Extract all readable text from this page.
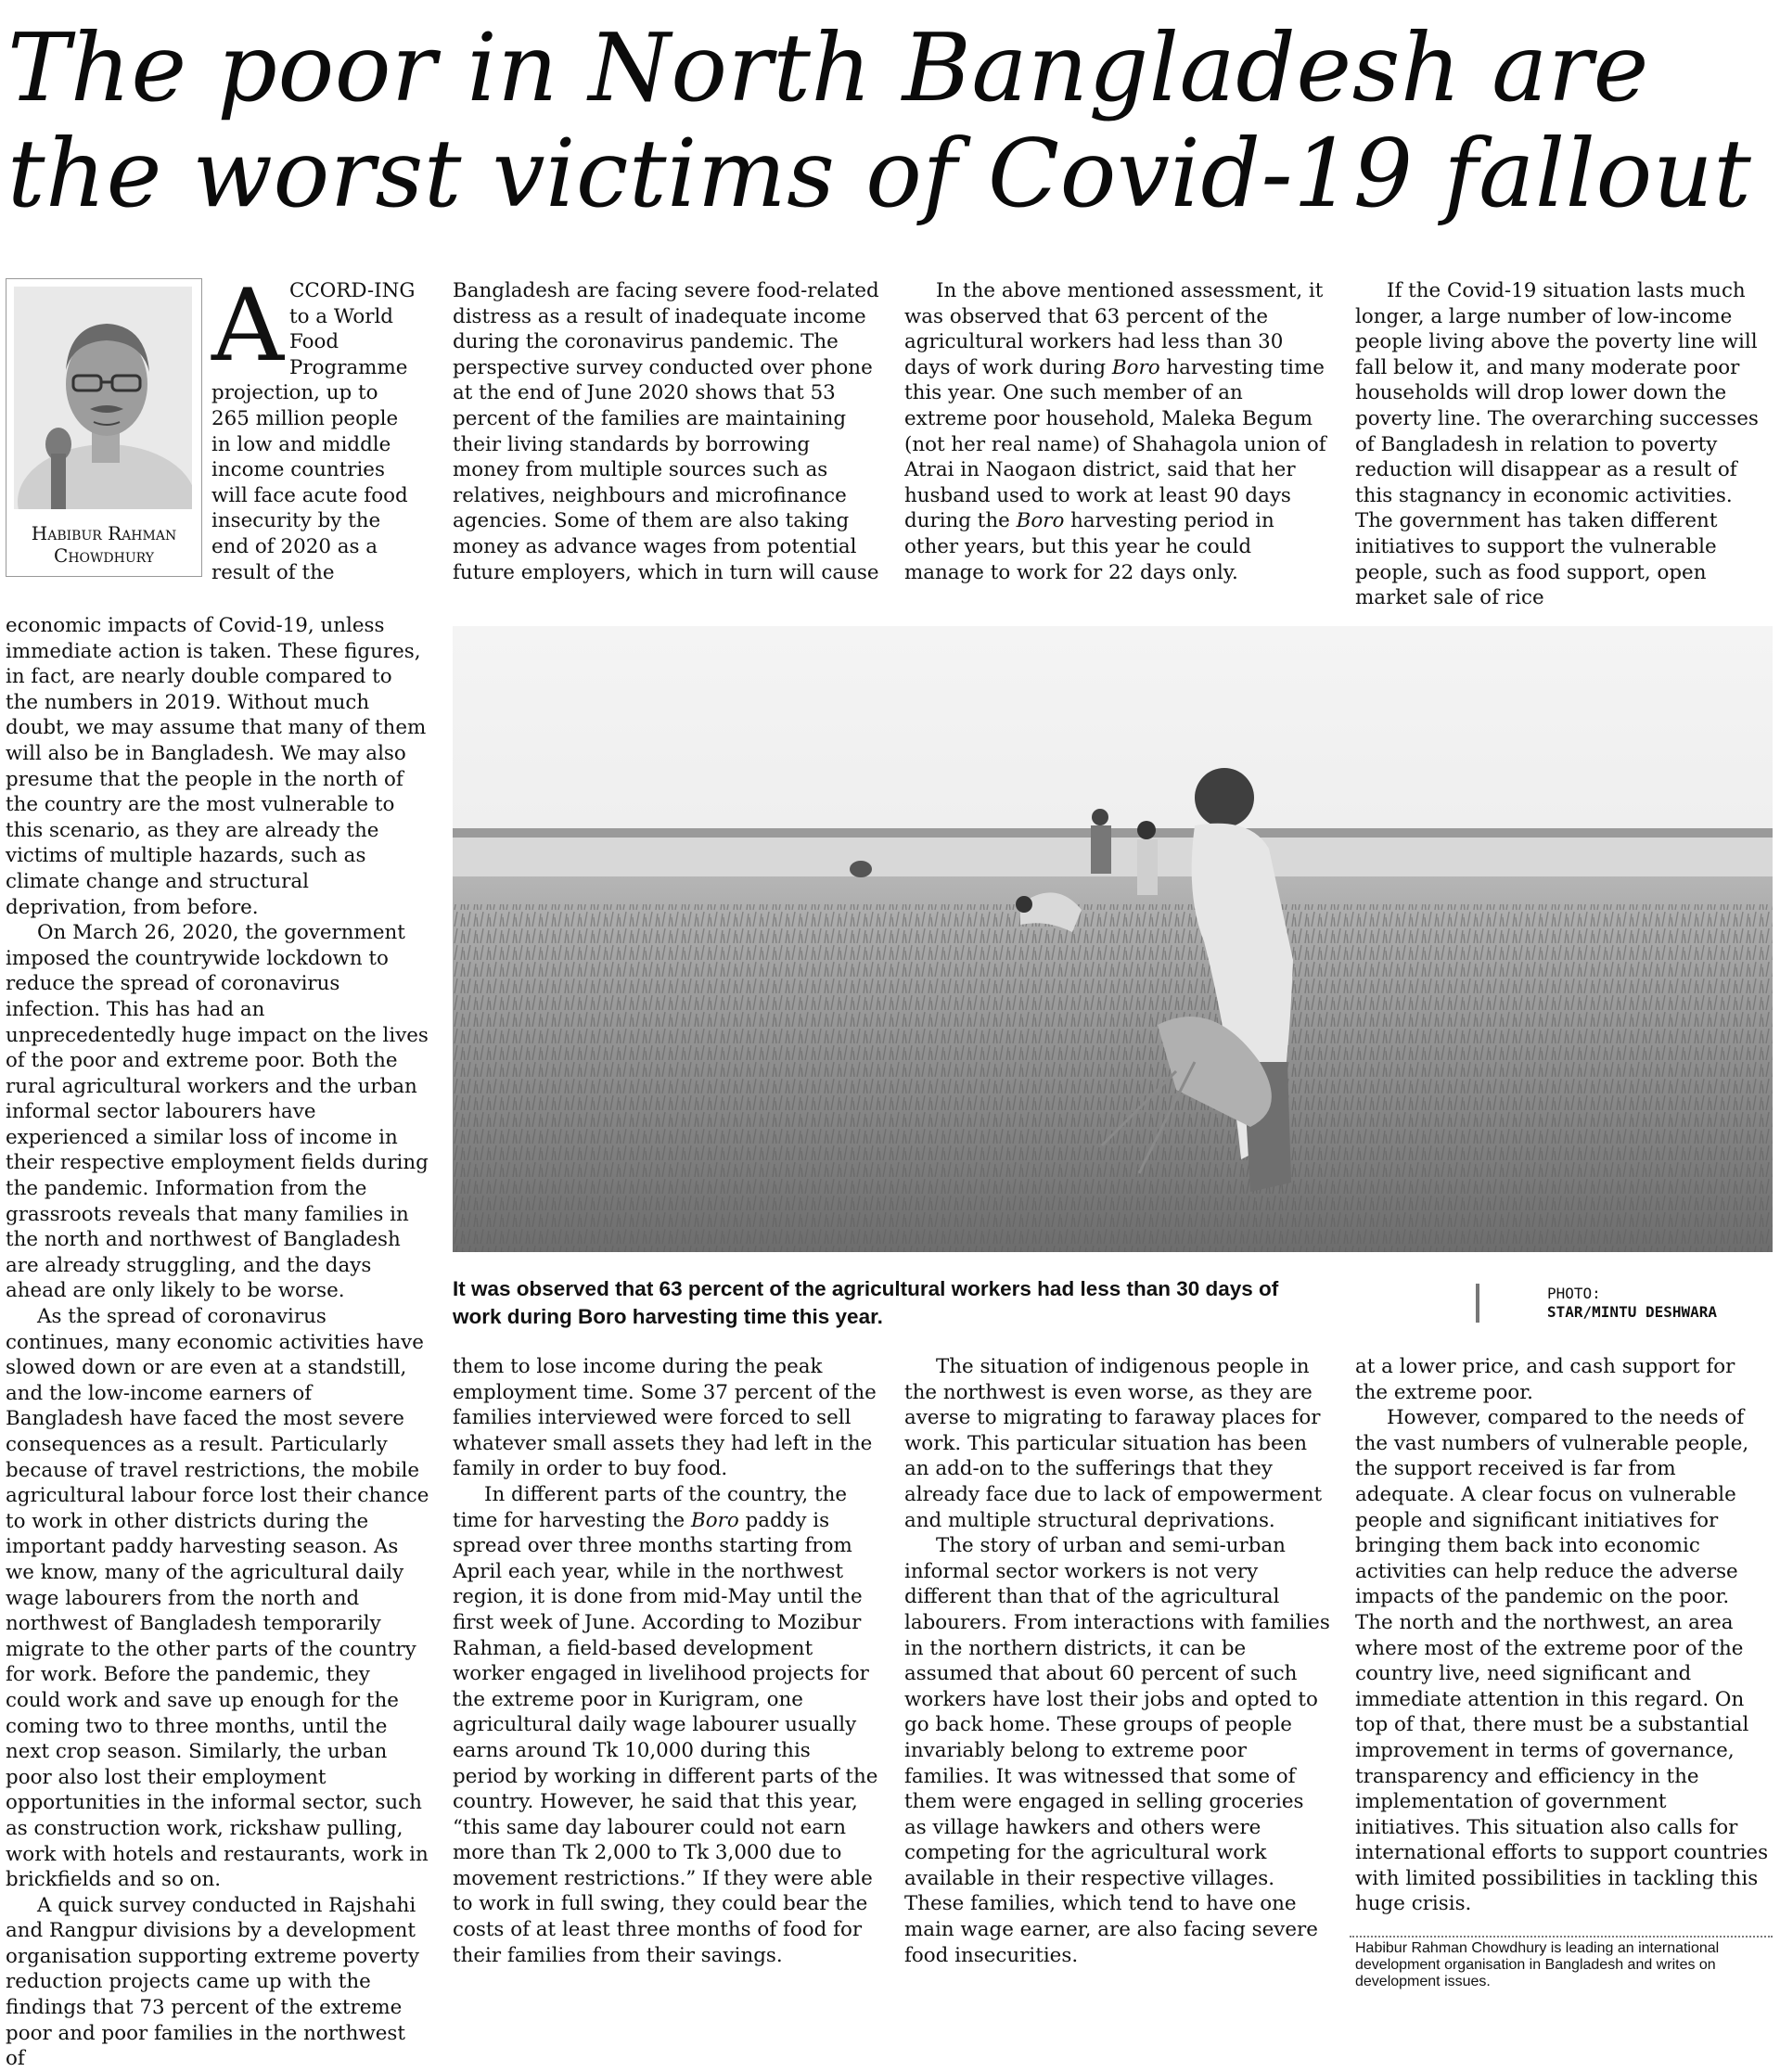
The poor in North Bangladesh are the worst victims of Covid-19 fallout
Habibur Rahman Chowdhury

ACCORD-ING to a World Food Programme projection, up to 265 million people in low and middle income countries will face acute food insecurity by the end of 2020 as a result of the

economic impacts of Covid-19, unless immediate action is taken. These figures, in fact, are nearly double compared to the numbers in 2019. Without much doubt, we may assume that many of them will also be in Bangladesh. We may also presume that the people in the north of the country are the most vulnerable to this scenario, as they are already the victims of multiple hazards, such as climate change and structural deprivation, from before.

On March 26, 2020, the government imposed the countrywide lockdown to reduce the spread of coronavirus infection. This has had an unprecedentedly huge impact on the lives of the poor and extreme poor. Both the rural agricultural workers and the urban informal sector labourers have experienced a similar loss of income in their respective employment fields during the pandemic. Information from the grassroots reveals that many families in the north and northwest of Bangladesh are already struggling, and the days ahead are only likely to be worse.

As the spread of coronavirus continues, many economic activities have slowed down or are even at a standstill, and the low-income earners of Bangladesh have faced the most severe consequences as a result. Particularly because of travel restrictions, the mobile agricultural labour force lost their chance to work in other districts during the important paddy harvesting season. As we know, many of the agricultural daily wage labourers from the north and northwest of Bangladesh temporarily migrate to the other parts of the country for work. Before the pandemic, they could work and save up enough for the coming two to three months, until the next crop season. Similarly, the urban poor also lost their employment opportunities in the informal sector, such as construction work, rickshaw pulling, work with hotels and restaurants, work in brickfields and so on.

A quick survey conducted in Rajshahi and Rangpur divisions by a development organisation supporting extreme poverty reduction projects came up with the findings that 73 percent of the extreme poor and poor families in the northwest of

Bangladesh are facing severe food-related distress as a result of inadequate income during the coronavirus pandemic. The perspective survey conducted over phone at the end of June 2020 shows that 53 percent of the families are maintaining their living standards by borrowing money from multiple sources such as relatives, neighbours and microfinance agencies. Some of them are also taking money as advance wages from potential future employers, which in turn will cause

In the above mentioned assessment, it was observed that 63 percent of the agricultural workers had less than 30 days of work during Boro harvesting time this year. One such member of an extreme poor household, Maleka Begum (not her real name) of Shahagola union of Atrai in Naogaon district, said that her husband used to work at least 90 days during the Boro harvesting period in other years, but this year he could manage to work for 22 days only.

If the Covid-19 situation lasts much longer, a large number of low-income people living above the poverty line will fall below it, and many moderate poor households will drop lower down the poverty line. The overarching successes of Bangladesh in relation to poverty reduction will disappear as a result of this stagnancy in economic activities. The government has taken different initiatives to support the vulnerable people, such as food support, open market sale of rice

It was observed that 63 percent of the agricultural workers had less than 30 days of work during Boro harvesting time this year.

PHOTO:
STAR/MINTU DESHWARA

them to lose income during the peak employment time. Some 37 percent of the families interviewed were forced to sell whatever small assets they had left in the family in order to buy food.

In different parts of the country, the time for harvesting the Boro paddy is spread over three months starting from April each year, while in the northwest region, it is done from mid-May until the first week of June. According to Mozibur Rahman, a field-based development worker engaged in livelihood projects for the extreme poor in Kurigram, one agricultural daily wage labourer usually earns around Tk 10,000 during this period by working in different parts of the country. However, he said that this year, “this same day labourer could not earn more than Tk 2,000 to Tk 3,000 due to movement restrictions.” If they were able to work in full swing, they could bear the costs of at least three months of food for their families from their savings.

The situation of indigenous people in the northwest is even worse, as they are averse to migrating to faraway places for work. This particular situation has been an add-on to the sufferings that they already face due to lack of empowerment and multiple structural deprivations.

The story of urban and semi-urban informal sector workers is not very different than that of the agricultural labourers. From interactions with families in the northern districts, it can be assumed that about 60 percent of such workers have lost their jobs and opted to go back home. These groups of people invariably belong to extreme poor families. It was witnessed that some of them were engaged in selling groceries as village hawkers and others were competing for the agricultural work available in their respective villages. These families, which tend to have one main wage earner, are also facing severe food insecurities.

at a lower price, and cash support for the extreme poor.

However, compared to the needs of the vast numbers of vulnerable people, the support received is far from adequate. A clear focus on vulnerable people and significant initiatives for bringing them back into economic activities can help reduce the adverse impacts of the pandemic on the poor. The north and the northwest, an area where most of the extreme poor of the country live, need significant and immediate attention in this regard. On top of that, there must be a substantial improvement in terms of governance, transparency and efficiency in the implementation of government initiatives. This situation also calls for international efforts to support countries with limited possibilities in tackling this huge crisis.

Habibur Rahman Chowdhury is leading an international development organisation in Bangladesh and writes on development issues.
